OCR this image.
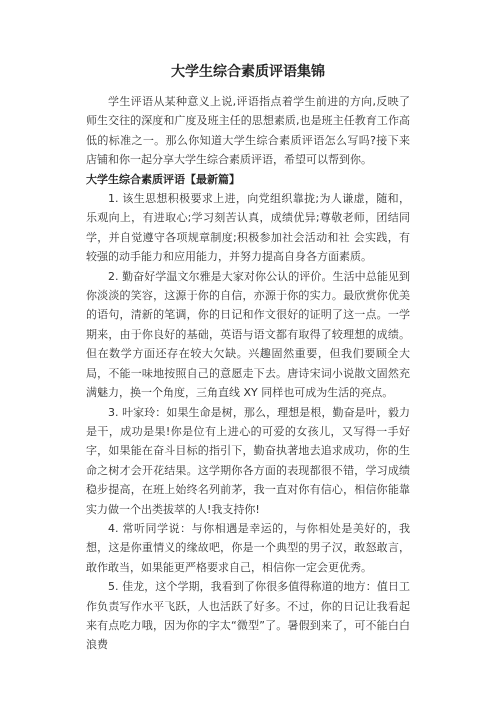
大学生综合素质评语集锦

学生评语从某种意义上说,评语指点着学生前进的方向,反映了师生交往的深度和广度及班主任的思想素质,也是班主任教育工作高低的标准之一。那么你知道大学生综合素质评语怎么写吗?接下来店铺和你一起分享大学生综合素质评语，希望可以帮到你。

大学生综合素质评语【最新篇】

1. 该生思想积极要求上进，向党组织靠拢;为人谦虚，随和，乐观向上，有进取心;学习刻苦认真，成绩优异;尊敬老师，团结同学，并自觉遵守各项规章制度;积极参加社会活动和社 会实践，有较强的动手能力和应用能力，并努力提高自身各方面素质。

2. 勤奋好学温文尔雅是大家对你公认的评价。生活中总能见到你淡淡的笑容，这源于你的自信，亦源于你的实力。最欣赏你优美的语句，清新的笔调，你的日记和作文很好的证明了这一点。一学期来，由于你良好的基础，英语与语文都有取得了较理想的成绩。但在数学方面还存在较大欠缺。兴趣固然重要，但我们要顾全大局，不能一味地按照自己的意愿走下去。唐诗宋词小说散文固然充满魅力，换一个角度，三角直线 XY 同样也可成为生活的亮点。

3. 叶家玲：如果生命是树，那么，理想是根，勤奋是叶，毅力是干，成功是果!你是位有上进心的可爱的女孩儿，又写得一手好字，如果能在奋斗目标的指引下，勤奋执著地去追求成功，你的生命之树才会开花结果。这学期你各方面的表现都很不错，学习成绩稳步提高，在班上始终名列前茅，我一直对你有信心，相信你能靠实力做一个出类拔萃的人!我支持你!

4. 常听同学说：与你相遇是幸运的，与你相处是美好的，我想，这是你重情义的缘故吧，你是一个典型的男子汉，敢怒敢言，敢作敢当，如果能更严格要求自己，相信你一定会更优秀。

5. 佳龙，这个学期，我看到了你很多值得称道的地方：值日工作负责写作水平飞跃，人也活跃了好多。不过，你的日记让我看起来有点吃力哦，因为你的字太“微型”了。暑假到来了，可不能白白浪费
